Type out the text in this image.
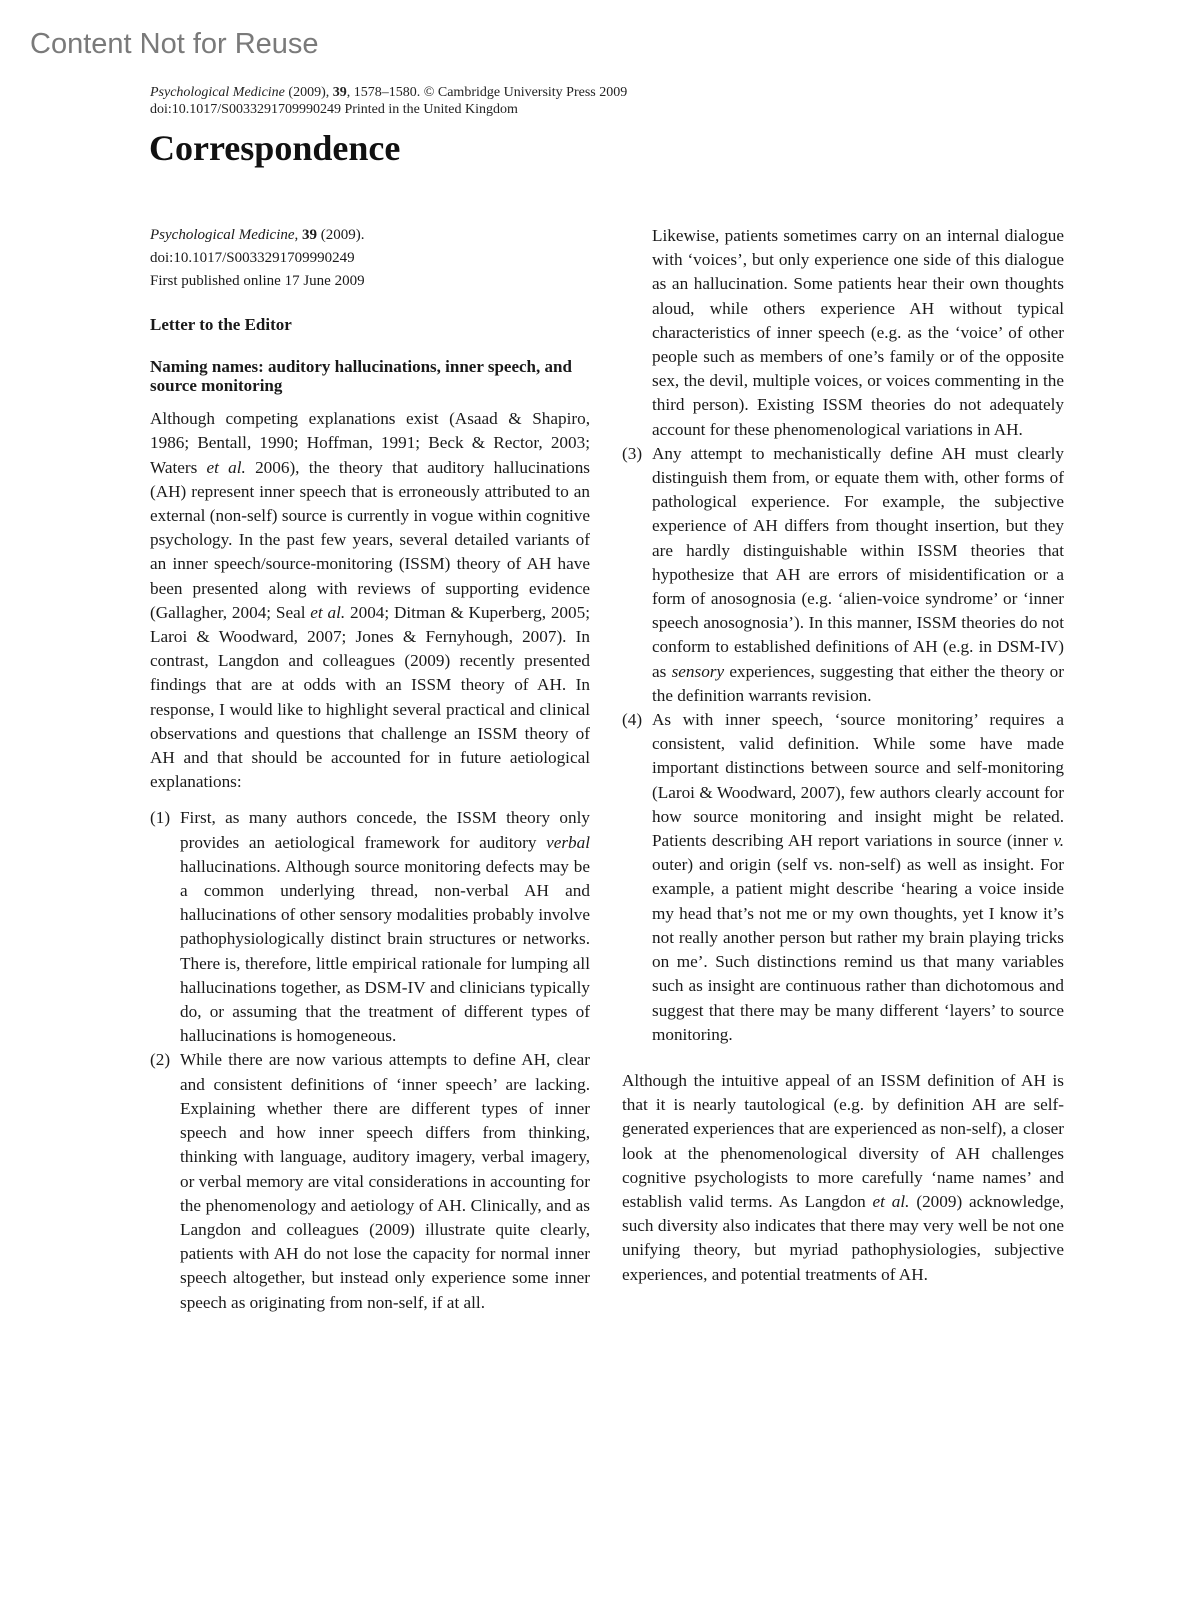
Content Not for Reuse
Psychological Medicine (2009), 39, 1578–1580. © Cambridge University Press 2009
doi:10.1017/S0033291709990249 Printed in the United Kingdom
Correspondence
Psychological Medicine, 39 (2009).
doi:10.1017/S0033291709990249
First published online 17 June 2009
Letter to the Editor
Naming names: auditory hallucinations, inner speech, and source monitoring

Although competing explanations exist (Asaad & Shapiro, 1986; Bentall, 1990; Hoffman, 1991; Beck & Rector, 2003; Waters et al. 2006), the theory that auditory hallucinations (AH) represent inner speech that is erroneously attributed to an external (non-self) source is currently in vogue within cognitive psychology. In the past few years, several detailed variants of an inner speech/source-monitoring (ISSM) theory of AH have been presented along with reviews of supporting evidence (Gallagher, 2004; Seal et al. 2004; Ditman & Kuperberg, 2005; Laroi & Woodward, 2007; Jones & Fernyhough, 2007). In contrast, Langdon and colleagues (2009) recently presented findings that are at odds with an ISSM theory of AH. In response, I would like to highlight several practical and clinical observations and questions that challenge an ISSM theory of AH and that should be accounted for in future aetiological explanations:

(1) First, as many authors concede, the ISSM theory only provides an aetiological framework for auditory verbal hallucinations. Although source monitoring defects may be a common underlying thread, non-verbal AH and hallucinations of other sensory modalities probably involve pathophysiologically distinct brain structures or networks. There is, therefore, little empirical rationale for lumping all hallucinations together, as DSM-IV and clinicians typically do, or assuming that the treatment of different types of hallucinations is homogeneous.
(2) While there are now various attempts to define AH, clear and consistent definitions of ‘inner speech’ are lacking. Explaining whether there are different types of inner speech and how inner speech differs from thinking, thinking with language, auditory imagery, verbal imagery, or verbal memory are vital considerations in accounting for the phenomenology and aetiology of AH. Clinically, and as Langdon and colleagues (2009) illustrate quite clearly, patients with AH do not lose the capacity for normal inner speech altogether, but instead only experience some inner speech as originating from non-self, if at all.

Likewise, patients sometimes carry on an internal dialogue with ‘voices’, but only experience one side of this dialogue as an hallucination. Some patients hear their own thoughts aloud, while others experience AH without typical characteristics of inner speech (e.g. as the ‘voice’ of other people such as members of one’s family or of the opposite sex, the devil, multiple voices, or voices commenting in the third person). Existing ISSM theories do not adequately account for these phenomenological variations in AH.

(3) Any attempt to mechanistically define AH must clearly distinguish them from, or equate them with, other forms of pathological experience. For example, the subjective experience of AH differs from thought insertion, but they are hardly distinguishable within ISSM theories that hypothesize that AH are errors of misidentification or a form of anosognosia (e.g. ‘alien-voice syndrome’ or ‘inner speech anosognosia’). In this manner, ISSM theories do not conform to established definitions of AH (e.g. in DSM-IV) as sensory experiences, suggesting that either the theory or the definition warrants revision.
(4) As with inner speech, ‘source monitoring’ requires a consistent, valid definition. While some have made important distinctions between source and self-monitoring (Laroi & Woodward, 2007), few authors clearly account for how source monitoring and insight might be related. Patients describing AH report variations in source (inner v. outer) and origin (self vs. non-self) as well as insight. For example, a patient might describe ‘hearing a voice inside my head that’s not me or my own thoughts, yet I know it’s not really another person but rather my brain playing tricks on me’. Such distinctions remind us that many variables such as insight are continuous rather than dichotomous and suggest that there may be many different ‘layers’ to source monitoring.

Although the intuitive appeal of an ISSM definition of AH is that it is nearly tautological (e.g. by definition AH are self-generated experiences that are experienced as non-self), a closer look at the phenomenological diversity of AH challenges cognitive psychologists to more carefully ‘name names’ and establish valid terms. As Langdon et al. (2009) acknowledge, such diversity also indicates that there may very well be not one unifying theory, but myriad pathophysiologies, subjective experiences, and potential treatments of AH.
